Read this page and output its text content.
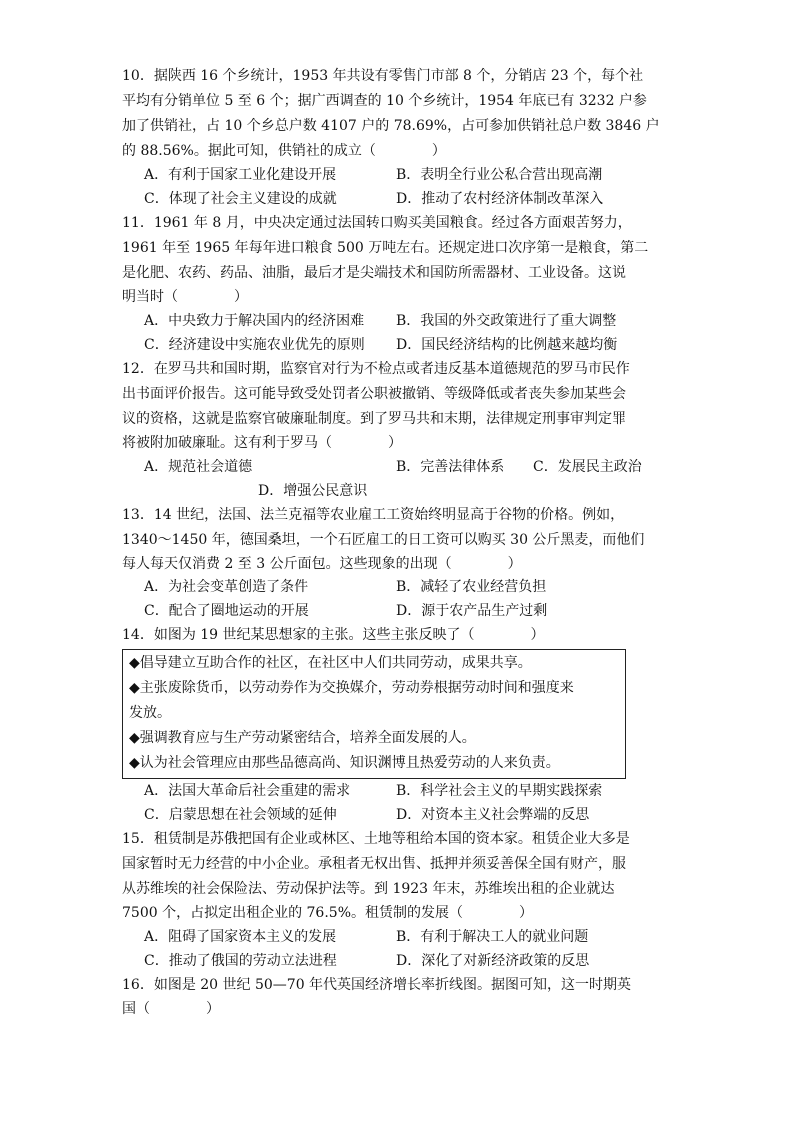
10．据陕西 16 个乡统计，1953 年共设有零售门市部 8 个，分销店 23 个，每个社
平均有分销单位 5 至 6 个；据广西调查的 10 个乡统计，1954 年底已有 3232 户参
加了供销社，占 10 个乡总户数 4107 户的 78.69%，占可参加供销社总户数 3846 户
的 88.56%。据此可知，供销社的成立（　　　　）
A．有利于国家工业化建设开展	B．表明全行业公私合营出现高潮
C．体现了社会主义建设的成就	D．推动了农村经济体制改革深入
11．1961 年 8 月，中央决定通过法国转口购买美国粮食。经过各方面艰苦努力，
1961 年至 1965 年每年进口粮食 500 万吨左右。还规定进口次序第一是粮食，第二
是化肥、农药、药品、油脂，最后才是尖端技术和国防所需器材、工业设备。这说
明当时（　　　　）
A．中央致力于解决国内的经济困难 B．我国的外交政策进行了重大调整
C．经济建设中实施农业优先的原则 D．国民经济结构的比例越来越均衡
12．在罗马共和国时期，监察官对行为不检点或者违反基本道德规范的罗马市民作
出书面评价报告。这可能导致受处罚者公职被撤销、等级降低或者丧失参加某些会
议的资格，这就是监察官破廉耻制度。到了罗马共和末期，法律规定刑事审判定罪
将被附加破廉耻。这有利于罗马（　　　　）
A．规范社会道德	B．完善法律体系 C．发展民主政治
D．增强公民意识
13．14 世纪，法国、法兰克福等农业雇工工资始终明显高于谷物的价格。例如，
1340～1450 年，德国桑坦，一个石匠雇工的日工资可以购买 30 公斤黑麦，而他们
每人每天仅消费 2 至 3 公斤面包。这些现象的出现（　　　　）
A．为社会变革创造了条件	B．减轻了农业经营负担
C．配合了圈地运动的开展	D．源于农产品生产过剩
14．如图为 19 世纪某思想家的主张。这些主张反映了（　　　　）
◆倡导建立互助合作的社区，在社区中人们共同劳动，成果共享。
◆主张废除货币，以劳动券作为交换媒介，劳动券根据劳动时间和强度来
发放。
◆强调教育应与生产劳动紧密结合，培养全面发展的人。
◆认为社会管理应由那些品德高尚、知识渊博且热爱劳动的人来负责。
A．法国大革命后社会重建的需求	B．科学社会主义的早期实践探索
C．启蒙思想在社会领域的延伸	D．对资本主义社会弊端的反思
15．租赁制是苏俄把国有企业或林区、土地等租给本国的资本家。租赁企业大多是
国家暂时无力经营的中小企业。承租者无权出售、抵押并须妥善保全国有财产，服
从苏维埃的社会保险法、劳动保护法等。到 1923 年末，苏维埃出租的企业就达
7500 个，占拟定出租企业的 76.5%。租赁制的发展（　　　　）
A．阻碍了国家资本主义的发展	B．有利于解决工人的就业问题
C．推动了俄国的劳动立法进程	D．深化了对新经济政策的反思
16．如图是 20 世纪 50—70 年代英国经济增长率折线图。据图可知，这一时期英
国（　　　　）
